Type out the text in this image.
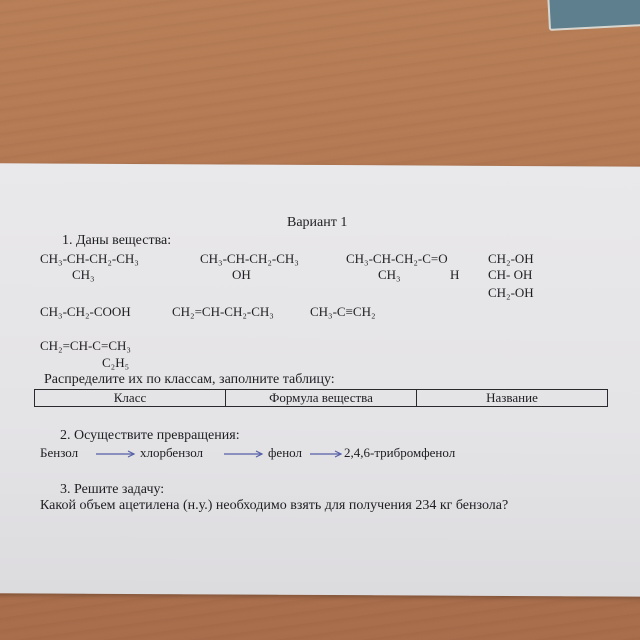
Вариант 1
1. Даны вещества:
CH₃-CH-CH₂-CH₃
CH₃
CH₃-CH-CH₂-CH₃
OH
CH₃-CH-CH₂-C=O
CH₃	H
CH₂-OH
CH- OH
CH₂-OH
CH₃-CH₂-COOH	CH₂=CH-CH₂-CH₃	CH₃-C≡CH₂
CH₂=CH-C=CH₃
C₂H₅
Распределите их по классам, заполните таблицу:
Класс	Формула вещества	Название
2. Осуществите превращения:
Бензол	хлорбензол	фенол	2,4,6-трибромфенол
3. Решите задачу:
Какой объем ацетилена (н.у.) необходимо взять для получения 234 кг бензола?
